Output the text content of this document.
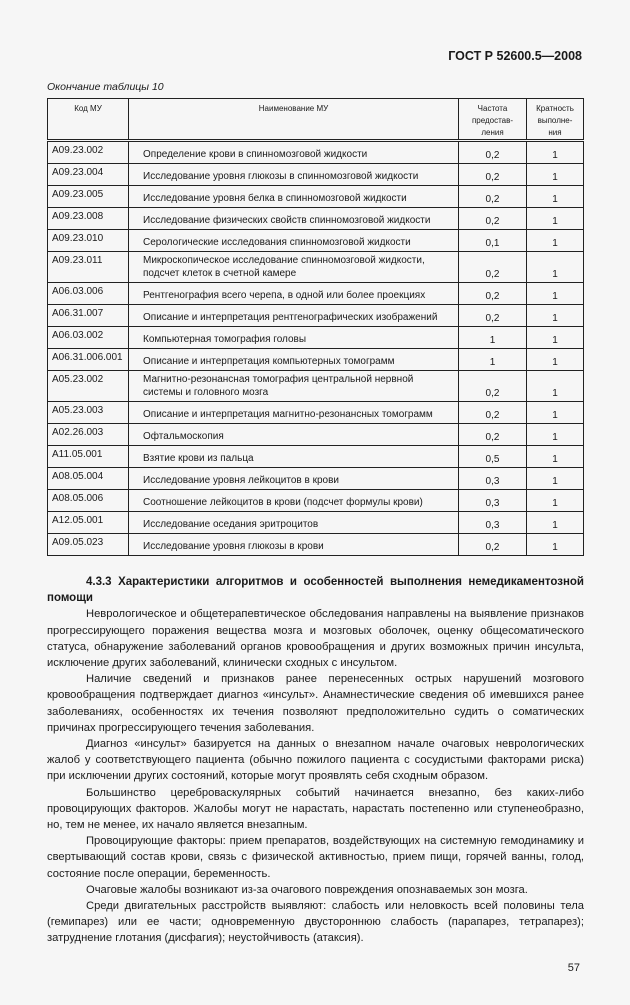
ГОСТ Р 52600.5—2008
Окончание таблицы 10
Код МУ	Наименование МУ	Частота предостав-ления	Кратность выполне-ния
A09.23.002	Определение крови в спинномозговой жидкости	0,2	1
A09.23.004	Исследование уровня глюкозы в спинномозговой жидкости	0,2	1
A09.23.005	Исследование уровня белка в спинномозговой жидкости	0,2	1
A09.23.008	Исследование физических свойств спинномозговой жидкости	0,2	1
A09.23.010	Серологические исследования спинномозговой жидкости	0,1	1
A09.23.011	Микроскопическое исследование спинномозговой жидкости, подсчет клеток в счетной камере	0,2	1
A06.03.006	Рентгенография всего черепа, в одной или более проекциях	0,2	1
A06.31.007	Описание и интерпретация рентгенографических изображений	0,2	1
A06.03.002	Компьютерная томография головы	1	1
A06.31.006.001	Описание и интерпретация компьютерных томограмм	1	1
A05.23.002	Магнитно-резонансная томография центральной нервной системы и головного мозга	0,2	1
A05.23.003	Описание и интерпретация магнитно-резонансных томограмм	0,2	1
A02.26.003	Офтальмоскопия	0,2	1
A11.05.001	Взятие крови из пальца	0,5	1
A08.05.004	Исследование уровня лейкоцитов в крови	0,3	1
A08.05.006	Соотношение лейкоцитов в крови (подсчет формулы крови)	0,3	1
A12.05.001	Исследование оседания эритроцитов	0,3	1
A09.05.023	Исследование уровня глюкозы в крови	0,2	1
4.3.3 Характеристики алгоритмов и особенностей выполнения немедикаментозной помощи

Неврологическое и общетерапевтическое обследования направлены на выявление признаков прогрессирующего поражения вещества мозга и мозговых оболочек, оценку общесоматического статуса, обнаружение заболеваний органов кровообращения и других возможных причин инсульта, исключение других заболеваний, клинически сходных с инсультом.

Наличие сведений и признаков ранее перенесенных острых нарушений мозгового кровообращения подтверждает диагноз «инсульт». Анамнестические сведения об имевшихся ранее заболеваниях, особенностях их течения позволяют предположительно судить о соматических причинах прогрессирующего течения заболевания.

Диагноз «инсульт» базируется на данных о внезапном начале очаговых неврологических жалоб у соответствующего пациента (обычно пожилого пациента с сосудистыми факторами риска) при исключении других состояний, которые могут проявлять себя сходным образом.

Большинство цереброваскулярных событий начинается внезапно, без каких-либо провоцирующих факторов. Жалобы могут не нарастать, нарастать постепенно или ступенеобразно, но, тем не менее, их начало является внезапным.

Провоцирующие факторы: прием препаратов, воздействующих на системную гемодинамику и свертывающий состав крови, связь с физической активностью, прием пищи, горячей ванны, голод, состояние после операции, беременность.

Очаговые жалобы возникают из-за очагового повреждения опознаваемых зон мозга.

Среди двигательных расстройств выявляют: слабость или неловкость всей половины тела (гемипарез) или ее части; одновременную двустороннюю слабость (парапарез, тетрапарез); затруднение глотания (дисфагия); неустойчивость (атаксия).

57
